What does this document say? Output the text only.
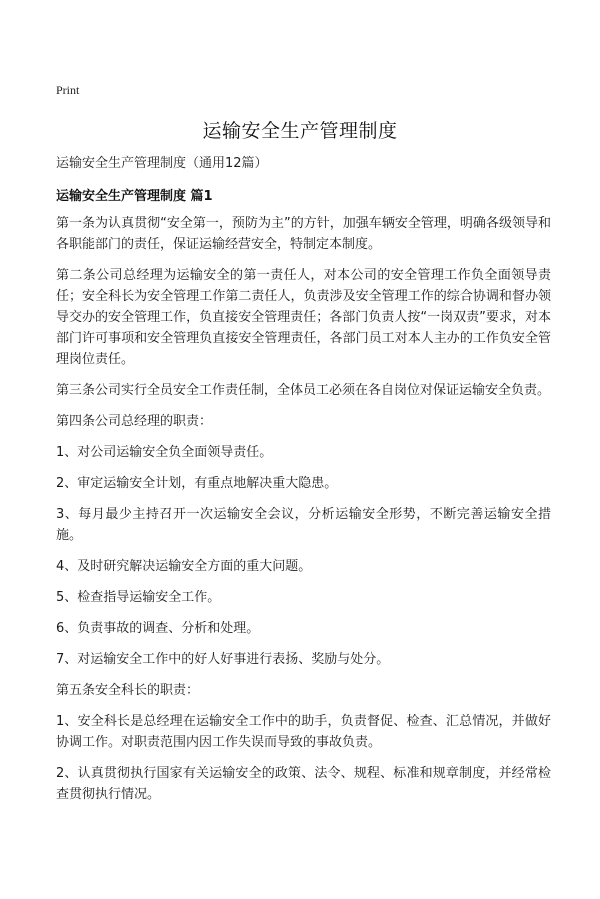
Print
运输安全生产管理制度

运输安全生产管理制度（通用12篇）

运输安全生产管理制度 篇1

第一条为认真贯彻“安全第一，预防为主”的方针，加强车辆安全管理，明确各级领导和各职能部门的责任，保证运输经营安全，特制定本制度。

第二条公司总经理为运输安全的第一责任人，对本公司的安全管理工作负全面领导责任；安全科长为安全管理工作第二责任人，负责涉及安全管理工作的综合协调和督办领导交办的安全管理工作，负直接安全管理责任；各部门负责人按“一岗双责”要求，对本部门许可事项和安全管理负直接安全管理责任，各部门员工对本人主办的工作负安全管理岗位责任。

第三条公司实行全员安全工作责任制，全体员工必须在各自岗位对保证运输安全负责。

第四条公司总经理的职责：

1、对公司运输安全负全面领导责任。

2、审定运输安全计划，有重点地解决重大隐患。

3、每月最少主持召开一次运输安全会议，分析运输安全形势，不断完善运输安全措施。

4、及时研究解决运输安全方面的重大问题。

5、检查指导运输安全工作。

6、负责事故的调查、分析和处理。

7、对运输安全工作中的好人好事进行表扬、奖励与处分。

第五条安全科长的职责：

1、安全科长是总经理在运输安全工作中的助手，负责督促、检查、汇总情况，并做好协调工作。对职责范围内因工作失误而导致的事故负责。

2、认真贯彻执行国家有关运输安全的政策、法令、规程、标准和规章制度，并经常检查贯彻执行情况。
